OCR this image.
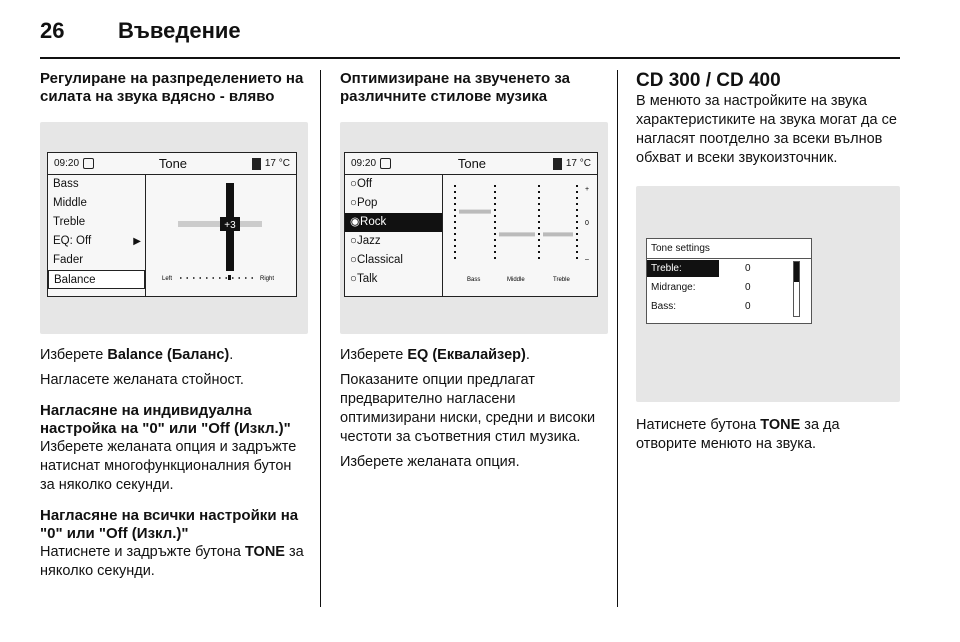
26	Въведение
Регулиране на разпределението на силата на звука вдясно - вляво
09:20	Tone	17 °C
Bass
Middle
Treble
EQ: Off	▶
Fader
Balance
+3
Left	Right

Изберете Balance (Баланс).

Нагласете желаната стойност.

Нагласяне на индивидуална настройка на "0" или "Off (Изкл.)"

Изберете желаната опция и задръжте натиснат многофункционалния бутон за няколко секунди.

Нагласяне на всички настройки на "0" или "Off (Изкл.)"

Натиснете и задръжте бутона TONE за няколко секунди.

Оптимизиране на звученето за различните стилове музика
09:20	Tone	17 °C
○Off
○Pop
◉Rock
○Jazz
○Classical
○Talk
+
0
–
Bass	Middle	Treble

Изберете EQ (Еквалайзер).

Показаните опции предлагат предварително нагласени оптимизирани ниски, средни и високи честоти за съответния стил музика.

Изберете желаната опция.

CD 300 / CD 400

В менюто за настройките на звука характеристиките на звука могат да се нагласят поотделно за всеки вълнов обхват и всеки звукоизточник.

Tone settings
Treble:	0
Midrange:	0
Bass:	0

Натиснете бутона TONE за да отворите менюто на звука.
